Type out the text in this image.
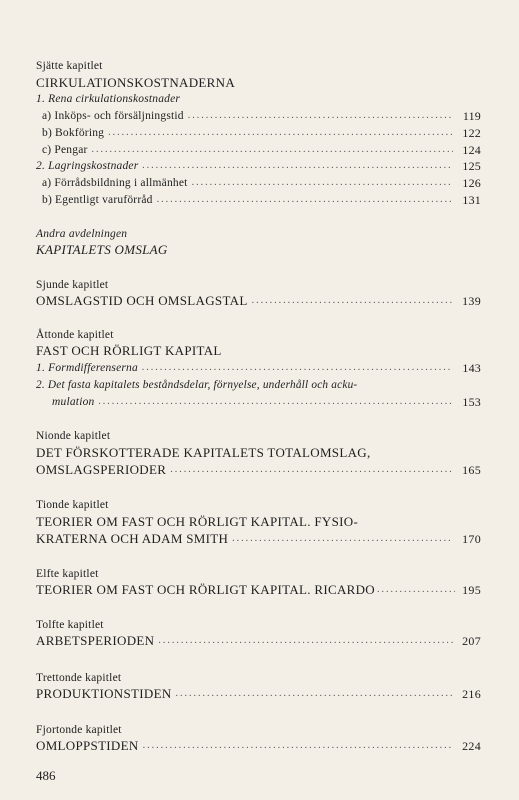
Sjätte kapitlet
CIRKULATIONSKOSTNADERNA
1. Rena cirkulationskostnader
a) Inköps- och försäljningstid .....	119
b) Bokföring .....	122
c) Pengar .....	124
2. Lagringskostnader .....	125
a) Förrådsbildning i allmänhet .....	126
b) Egentligt varuförråd .....	131
Andra avdelningen
KAPITALETS OMSLAG
Sjunde kapitlet
OMSLAGSTID OCH OMSLAGSTAL .....	139
Åttonde kapitlet
FAST OCH RÖRLIGT KAPITAL
1. Formdifferenserna .....	143
2. Det fasta kapitalets beståndsdelar, förnyelse, underhåll och acku-
mulation .....	153
Nionde kapitlet
DET FÖRSKOTTERADE KAPITALETS TOTALOMSLAG,
OMSLAGSPERIODER .....	165
Tionde kapitlet
TEORIER OM FAST OCH RÖRLIGT KAPITAL. FYSIO-
KRATERNA OCH ADAM SMITH .....	170
Elfte kapitlet
TEORIER OM FAST OCH RÖRLIGT KAPITAL. RICARDO .....	195
Tolfte kapitlet
ARBETSPERIODEN .....	207
Trettonde kapitlet
PRODUKTIONSTIDEN .....	216
Fjortonde kapitlet
OMLOPPSTIDEN .....	224
486
